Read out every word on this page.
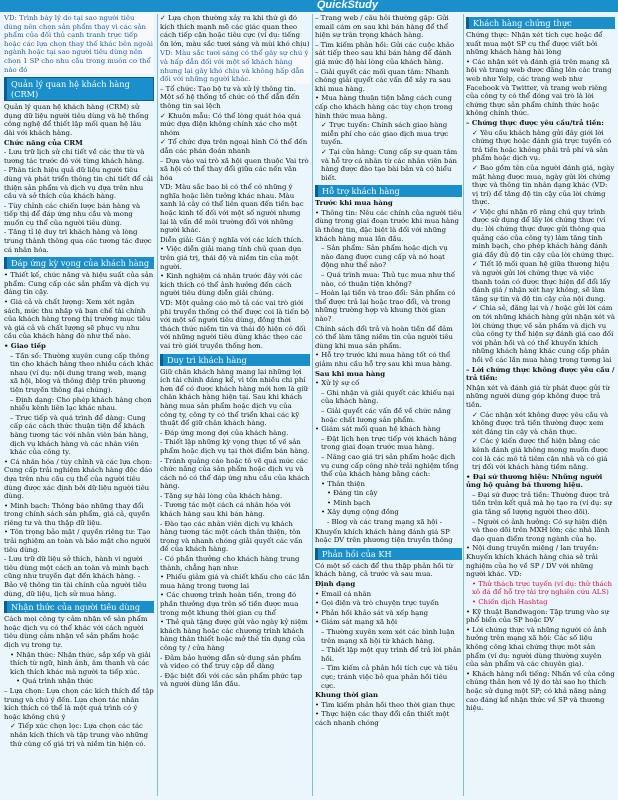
QuickStudy
VD: Trình bày lý do tại sao người tiêu dùng nên chọn sản phẩm thay vì các sản phẩm của đối thủ cạnh tranh trực tiếp hoặc các lựa chọn thay thế khác bên ngoài ngành hoặc tại sao người tiêu dùng nên chọn 1 SP cho nhu cầu trong muôn cơ thể nào đó
Quản lý quan hệ khách hàng (CRM)
Quản lý quan hệ khách hàng (CRM) sử dụng dữ liệu người tiêu dùng và hệ thống công nghệ để thiết lập mối quan hệ lâu dài với khách hàng.
Chức năng của CRM
- Lưu trữ lịch sử chi tiết về các thư từ và tương tác trước đó với từng khách hàng.
- Phân tích hiệu quả dữ liệu người tiêu dùng và phát triển thông tin chi tiết để cải thiện sản phẩm và dịch vụ dựa trên nhu cầu và sở thích của khách hàng.
- Tùy chỉnh các chiến lược bán hàng và tiếp thị để đáp ứng nhu cầu và mong muốn cụ thể của người tiêu dùng.
- Tăng tỉ lệ duy trì khách hàng và lòng trung thành thông qua các tương tác được cá nhân hóa.
Đáp ứng kỳ vọng của khách hàng
• Thiết kế, chức năng và hiệu suất của sản phẩm: Cung cấp các sản phẩm và dịch vụ đáng tin cậy.
• Giá cả và chất lượng: Xem xét ngân sách, mức thu nhập và bạn chế tài chính của khách hàng trong thị trường mục tiêu và giá cả và chất lượng sẽ phục vụ nhu cầu của khách hàng đó như thế nào.
• Giao tiếp
– Tần số: Thường xuyên cung cấp thông tin cho khách hàng theo nhiều cách khác nhau (ví dụ: nội dung trang web, mạng xã hội, blog và thông điệp trên phương tiện truyền thông đại chúng).
– Định dạng: Cho phép khách hàng chọn nhiều kênh liên lạc khác nhau.
– Trực tiếp và quá trình để dàng: Cung cấp các cách thức thuận tiện để khách hàng tương tác với nhân viên bán hàng, dịch vụ khách hàng và các nhân viên khác của công ty.
• Cá nhân hóa / tùy chỉnh và các lựa chọn: Cung cấp trải nghiệm khách hàng độc đáo dựa trên nhu cầu cụ thể của người tiêu dùng được xác định bởi dữ liệu người tiêu dùng.
• Minh bạch: Thông báo những thay đổi trong chính sách sản phẩm, giá cả, quyền riêng tư và thu thập dữ liệu.
• Tôn trọng bảo mật / quyền riêng tư: Tạo trải nghiệm an toàn và bảo mật cho người tiêu dùng.
- Lưu trữ dữ liệu sở thích, hành vi người tiêu dùng một cách an toàn và minh bạch cũng như truyền đạt đến khách hàng. - Bảo vệ thông tin tài chính của người tiêu dùng, dữ liệu, lịch sử mua hàng.
Nhận thức của người tiêu dùng
Cách mọi công ty cảm nhận về sản phẩm hoặc dịch vụ có thể khác với cách người tiêu dùng cảm nhận về sản phẩm hoặc dịch vụ trong tự.
• Nhận thức: Nhận thức, sắp xếp và giải thích từ ngữ, hình ảnh, âm thanh và các kích thích khác mà người ta tiếp xúc.
• Quá trình nhận thức
– Lựa chọn: Lựa chọn các kích thích để tập trung và chú ý đến. Lựa chọn tác nhân kích thích có thể là một quá trình có ý hoặc không chú ý
✓ Tiếp xúc chọn lọc: Lựa chọn các tác nhân kích thích và tập trung vào những thứ cùng cố giá trị và niềm tin hiện có.
✓ Lựa chọn thường xảy ra khi thứ gì đó kích thích mạnh mẽ các giác quan theo cách tiếp cận hoặc tiêu cực (ví dụ: tiếng ồn lớn, màu sắc tươi sáng và mùi khó chịu)
VD: Màu sắc tươi sáng có thể gây sự chú ý và hấp dẫn đối với một số khách hàng nhưng lại gây khó chịu và không hấp dẫn đối với những người khác.
– Tổ chức: Tạo bộ tư và xử lý thông tin. Một số hệ thống tổ chức có thể dẫn đến thông tin sai lệch
✓ Khuôn mẫu: Có thể lòng quát hóa quá mức dựa điện không chính xác cho một nhóm
✓ Tổ chức dựa trên ngoại hình Có thể đến dẫn các phán đoán nhanh
– Dựa vào vai trò xã hội quen thuộc Vai trò xã hội có thể thay đổi giữa các nền văn hóa
VD: Màu sắc bao bì có thể có những ý nghĩa hoặc liên tưởng khác nhau. Màu xanh lá cây có thể liên quan đến tiền bạc hoặc kinh tế đối với một số người nhưng lại là vấn đề môi trường đối với những người khác.
Diễn giải: Gán ý nghĩa với các kích thích.
• Việc diễn giải mang tính chủ quan dựa trên giá trị, thái độ và niềm tin của một người.
• Kinh nghiệm cá nhân trước đây với các kích thích có thể ảnh hưởng đến cách người tiêu dùng diễn giải chúng.
VD: Một quảng cáo mô tả các vai trò giới phi truyền thống có thể được coi là tiến bộ với một số người tiêu dùng, đồng thời thách thức niềm tin và thái độ hiện có đối với những người tiêu dùng khác theo các vai trò giới truyền thống hơn.
Duy trì khách hàng
Giữ chân khách hàng mang lại những lợi ích tài chính đáng kể, vì tốn nhiều chi phí hơn để có được khách hàng mới hơn là giữ chân khách hàng hiện tại. Sau khi khách hàng mua sản phẩm hoặc dịch vụ của công ty, công ty có thể triển khai các kỹ thuật để giữ chân khách hàng.
- Đáp ứng mong đợi của khách hàng.
- Thiết lập những kỳ vọng thực tế về sản phẩm hoặc dịch vụ tại thời điểm bán hàng.
- Tránh quảng cáo hoặc tô vẽ quá mức các chức năng của sản phẩm hoặc dịch vụ và cách nó có thể đáp ứng nhu cầu của khách hàng.
- Tăng sự hài lòng của khách hàng.
- Tương tác một cách cá nhân hóa với khách hàng sau khi bán hàng.
- Đào tạo các nhân viên dịch vụ khách hàng tương tác một cách thân thiện, tôn trọng và nhanh chóng giải quyết các vấn đề của khách hàng.
- Có phần thưởng cho khách hàng trung thành, chẳng hạn như:
• Phiếu giảm giá và chiết khấu cho các lần mua hàng trong tương lai
• Các chương trình hoàn tiền, trong đó phần thưởng dựa trên số tiền được mua trong một khung thời gian cụ thể
• Thẻ quà tặng được gửi vào ngày kỷ niệm khách hàng hoặc các chương trình khách hàng thân thiết hoặc mở thẻ tín dụng của công ty / cửa hàng
- Đảm bảo hướng dẫn sử dụng sản phẩm và video có thể truy cập dễ dàng
- Đặc biệt đối với các sản phẩm phức tạp và người dùng lần đầu.
– Trang web / câu hỏi thường gặp: Gửi email cám ơn sau khi bán hàng để thể hiện sự trân trọng khách hàng.
– Tìm kiếm phản hồi: Gửi các cuộc khảo sát tiếp theo sau khi bán hàng để đánh giá mức độ hài lòng của khách hàng.
– Giải quyết các mối quan tâm: Nhanh chóng giải quyết các vấn đề xảy ra sau khi mua hàng.
• Mua hàng thuận tiện bằng cách cung cấp cho khách hàng các tùy chọn trong hình thức mua hàng.
✓ Trực tuyến: Chính sách giao hàng miễn phí cho các giao dịch mua trực tuyến.
✓ Tại cửa hàng: Cung cấp sự quan tâm và hỗ trợ cá nhân từ các nhân viên bán hàng được đào tạo bài bản và có hiểu biết.
Hỗ trợ khách hàng
Trước khi mua hàng
• Thông tin: Nêu các chính của người tiêu dùng trong giai đoạn trước khi mua hàng là thông tin, đặc biệt là đối với những khách hàng mua lần đầu.
– Sản phẩm: Sản phẩm hoặc dịch vụ nào đang được cung cấp và nó hoạt động như thế nào?
– Quá trình mua: Thủ tục mua như thế nào, có thuận tiện không?
– Hoàn lại tiền và trao đổi: Sản phẩm có thể được trả lại hoặc trao đổi, và trong những trường hợp và khung thời gian nào?
Chính sách đổi trả và hoàn tiền để đảm có thể làm tăng niềm tin của người tiêu dùng khi mua sản phẩm.
• Hỗ trợ trước khi mua hàng tốt có thể giảm nhu cầu hỗ trợ sau khi mua hàng.
Sau khi mua hàng
• Xử lý sự cố
– Ghi nhận và giải quyết các khiếu nại của khách hàng.
– Giải quyết các vấn đề về chức năng hoặc chất lượng sản phẩm.
• Giám sát mối quan hệ khách hàng
– Đặt lịch hẹn trực tiếp với khách hàng trong giai đoạn trước mua hàng.
– Nâng cao giá trị sản phẩm hoặc dịch vụ cung cấp công nhờ trải nghiệm tổng thể của khách hàng bằng cách:
• Thân thiện
• Đáng tin cậy
• Minh bạch
• Xây dựng cộng đồng
- Blog và các trang mạng xã hội -
Khuyến khích khách hàng đánh giá SP hoặc DV trên phương tiện truyền thông
Phản hồi của KH
Có một số cách để thu thập phản hồi từ khách hàng, cả trước và sau mua.
Định dạng
• Email cá nhân
• Gọi điện và trò chuyện trực tuyến
• Phản hồi khảo sát và xếp hạng
• Giám sát mạng xã hội
– Thường xuyên xem xét các bình luận trên mạng xã hội từ khách hàng.
– Thiết lập một quy trình để trả lời phản hồi.
– Tìm kiếm cả phản hồi tích cực và tiêu cực; tránh việc bỏ qua phản hồi tiêu cực.
Khung thời gian
• Tìm kiếm phản hồi theo thời gian thực
• Thực hiện các thay đổi cần thiết một cách nhanh chóng
Khách hàng chứng thực
Chứng thực: Nhận xét tích cực hoặc để xuất mua một SP cụ thể được viết bởi những khách hàng hài lòng
• Các nhận xét và đánh giá trên mạng xã hội và trang web được đăng lên các trang web như Yelp, các trang web như Facebook và Twitter, và trang web riêng của công ty có thể đóng vai trò là lời chứng thực sản phẩm chính thức hoặc không chính thức.
– Chứng thực được yêu cầu/trả tiền:
✓ Yêu cầu khách hàng gửi đây giới lời chứng thực hoặc đánh giá trực tuyến có trả tiền hoặc không phải trả phí và sản phẩm hoặc dịch vụ.
✓ Bao gồm tên của người đánh giá, ngày mặt hàng được mua, ngày gửi lời chứng thực và thông tin nhân dạng khác (VD: vị trí) để tăng độ tin cậy của lời chứng thực.
✓ Việc ghi nhận rõ ràng chú quy trình được sử dụng để lấy lời chứng thực (ví dụ: lời chứng thực được gửi thông qua quảng cáo của công ty) làm tăng tính minh bạch, cho phép khách hàng đánh giá đầy đủ độ tin cậy của lời chứng thực.
✓ Tiết lộ mối quan hệ giữa thương hiệu và người gửi lời chứng thực và việc thanh toán có được thực hiện để đổi lấy đánh giá / nhận xét hay không, sẽ làm tăng sự tin và độ tin cậy của nội dung.
✓ Chia sẻ, đăng lại và / hoặc gửi lời cám ơn tới những khách hàng gửi nhận xét và lời chứng thực về sản phẩm và dịch vụ của công ty thể hiện sự đánh giá cao đối với phản hồi và có thể khuyến khích những khách hàng khác cung cấp phản hồi về các lần mua hàng trong tương lai
– Lời chứng thực không được yêu cầu / trả tiền:
Nhận xét và đánh giá từ phát được gửi từ những người dùng góp không được trả tiền.
✓ Các nhận xét không được yêu cầu và không được trả tiền thường được xem xét đáng tin cậy và chân thực.
✓ Các ý kiến được thể hiện bằng các kênh đánh giá không mong muốn được coi là các mô tả tiêm cận nhà và có giá trị đối với khách hàng tiềm năng.
• Đại sứ thương hiệu: Những người ủng hộ quảng bá thương hiệu.
– Đại sứ được trả tiền: Thường được trả tiền trên kết quả mà họ tạo ra (ví dụ: sự gia tăng số lượng người theo dõi).
– Người có ảnh hưởng: Có sự hiện diện và theo dõi trên MXH lớn; các nhà lãnh đạo quan điểm trong ngành của họ.
• Nội dung truyền miệng / lan truyền: Khuyến khích khách hàng chia sẻ trải nghiệm của họ về SP / DV với những người khác. VD:
• Thử thách trực tuyến (ví dụ: thử thách xô đá để hỗ trợ tài trợ nghiên cứu ALS)
• Chiến dịch Hashtag
• Kỹ thuật Bandwagon: Tập trung vào sự phổ biến của SP hoặc DV
• Lời chứng thực và những người có ảnh hưởng trên mạng xã hội: Các số liệu không công khai chứng thực một sản phẩm (ví dụ: người dùng thường xuyên của sản phẩm và các chuyên gia).
• Khách hàng nổi tiếng: Nhấn về của công chúng thân hơn về lý do tài sao họ thích hoặc sử dụng một SP; có khả năng nâng cao đáng kể nhận thức về SP và thương hiệu.
